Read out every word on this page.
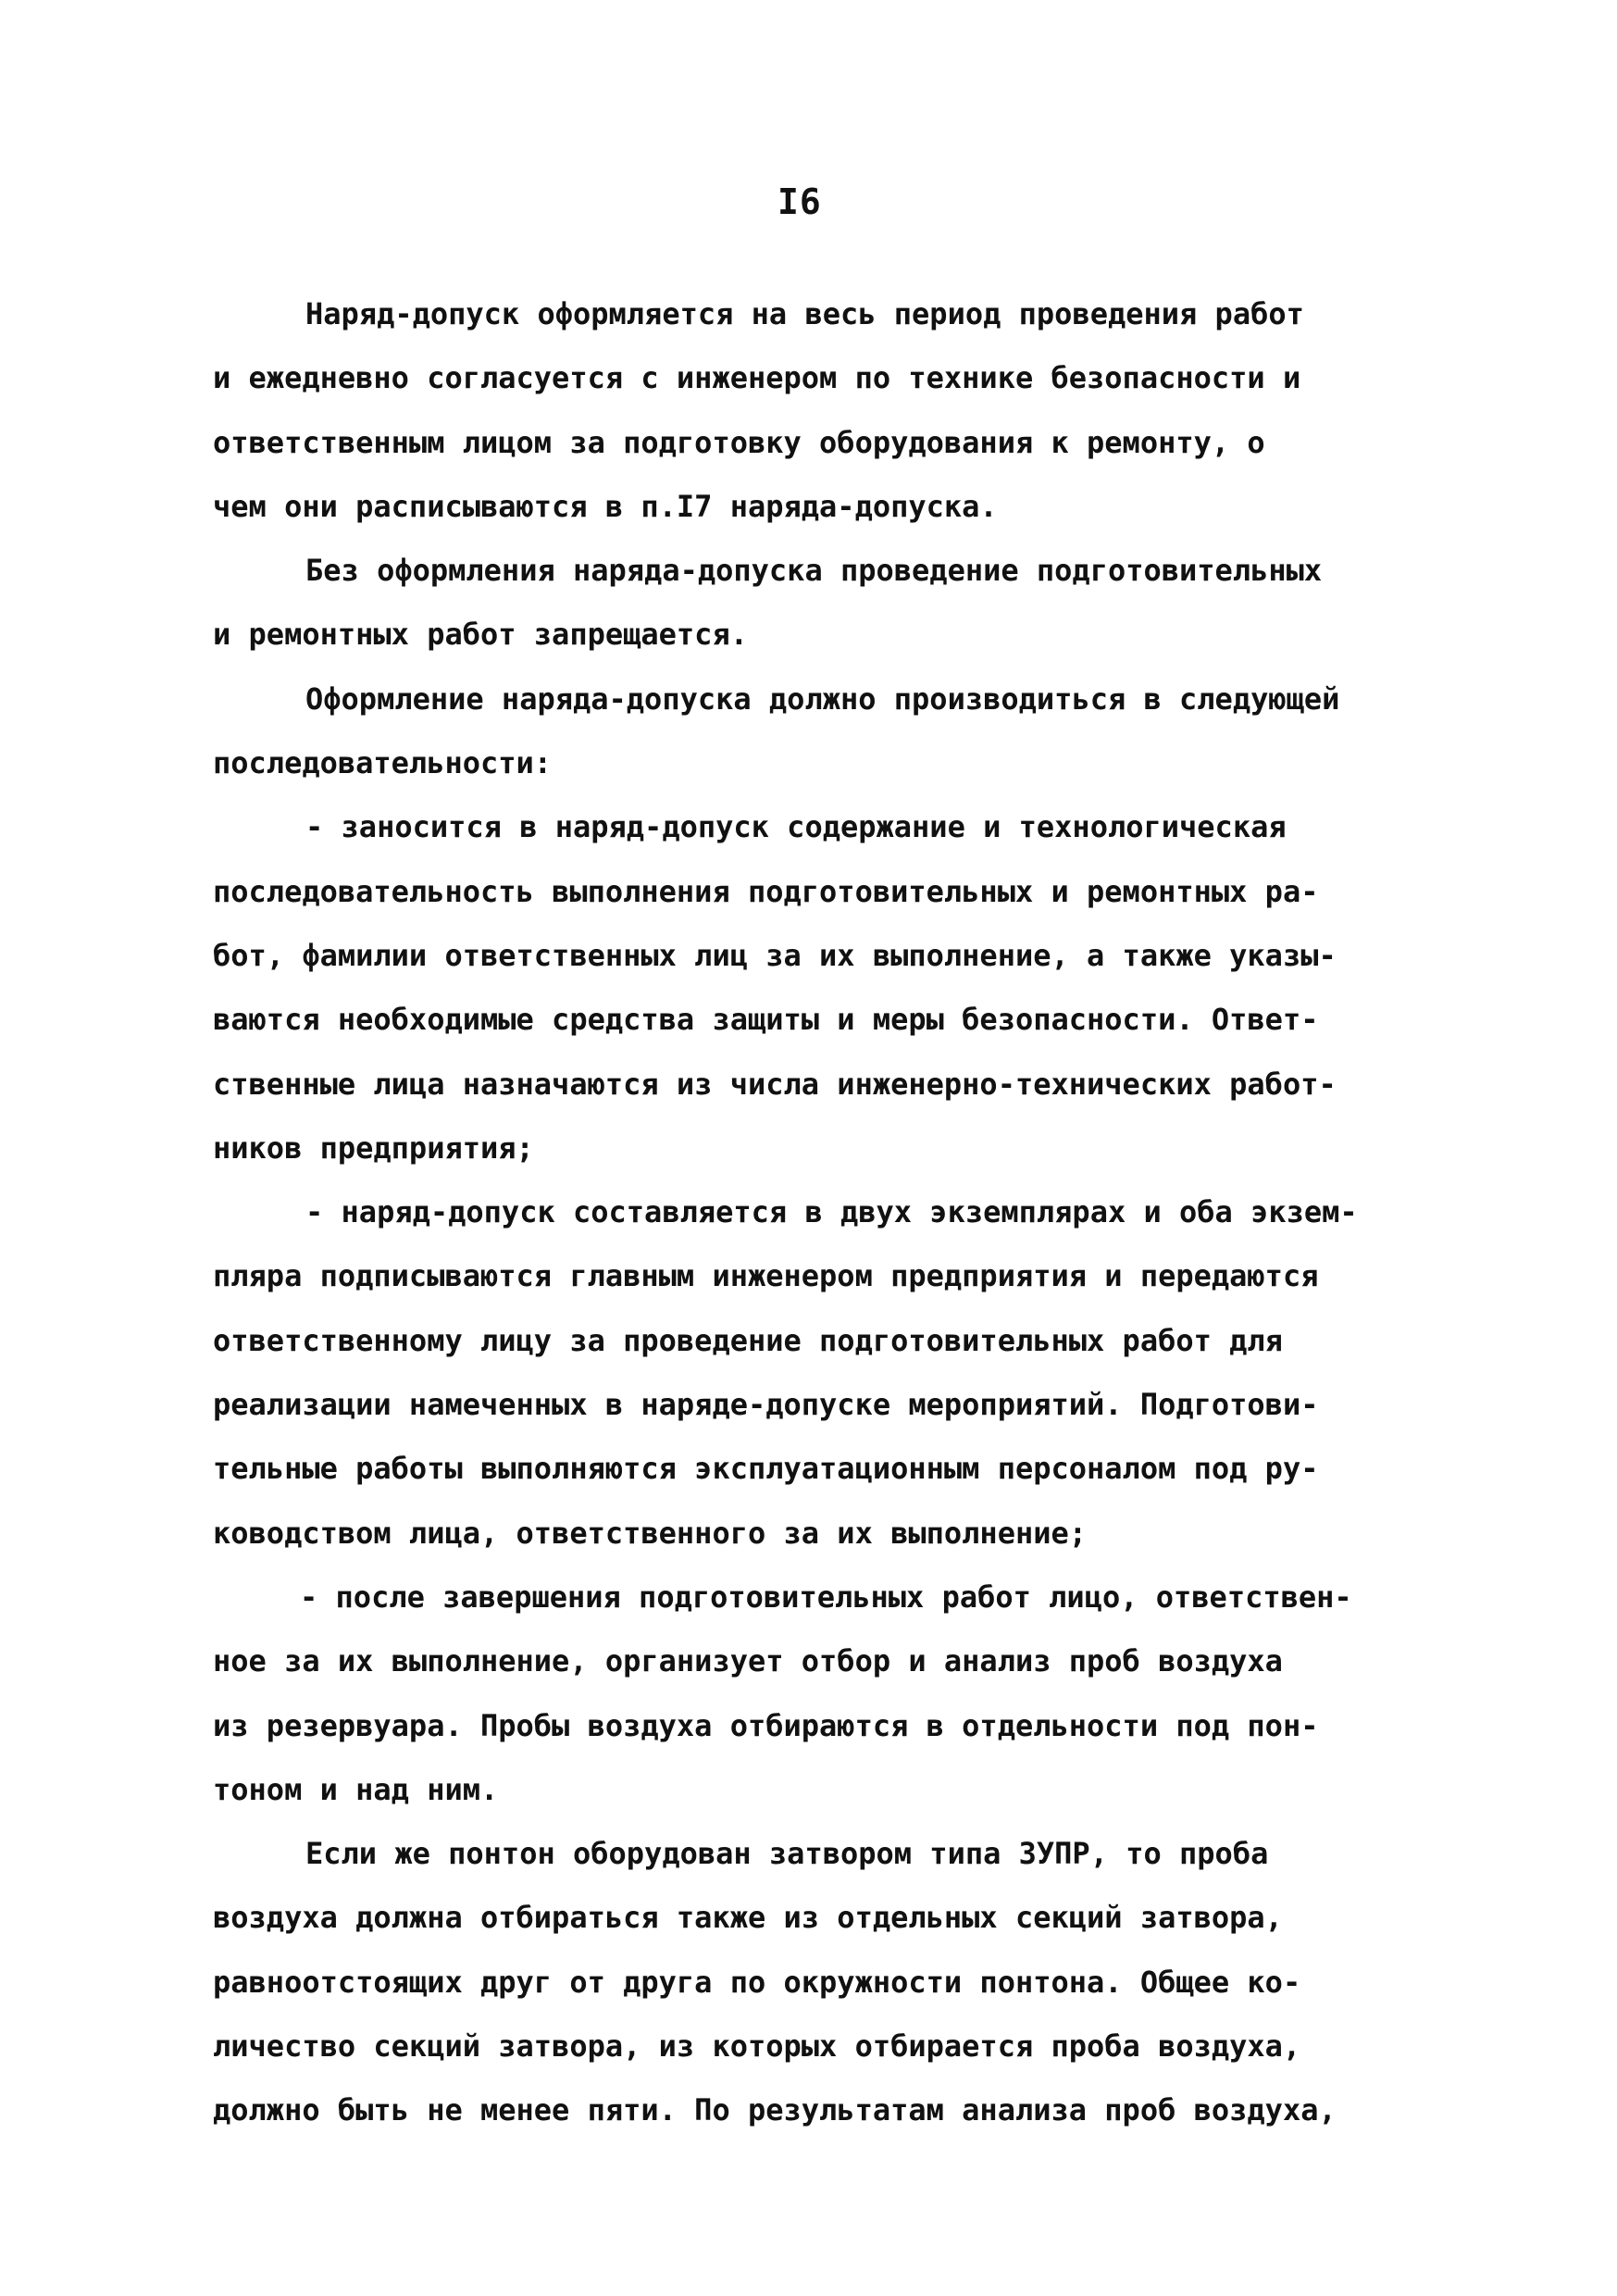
I6
Наряд-допуск оформляется на весь период проведения работ
и ежедневно согласуется с инженером по технике безопасности и
ответственным лицом за подготовку оборудования к ремонту, о
чем они расписываются в п.I7 наряда-допуска.
Без оформления наряда-допуска проведение подготовительных
и ремонтных работ запрещается.
Оформление наряда-допуска должно производиться в следующей
последовательности:
- заносится в наряд-допуск содержание и технологическая
последовательность выполнения подготовительных и ремонтных ра-
бот, фамилии ответственных лиц за их выполнение, а также указы-
ваются необходимые средства защиты и меры безопасности. Ответ-
ственные лица назначаются из числа инженерно-технических работ-
ников предприятия;
- наряд-допуск составляется в двух экземплярах и оба экзем-
пляра подписываются главным инженером предприятия и передаются
ответственному лицу за проведение подготовительных работ для
реализации намеченных в наряде-допуске мероприятий. Подготови-
тельные работы выполняются эксплуатационным персоналом под ру-
ководством лица, ответственного за их выполнение;
- после завершения подготовительных работ лицо, ответствен-
ное за их выполнение, организует отбор и анализ проб воздуха
из резервуара. Пробы воздуха отбираются в отдельности под пон-
тоном и над ним.
Если же понтон оборудован затвором типа ЗУПР, то проба
воздуха должна отбираться также из отдельных секций затвора,
равноотстоящих друг от друга по окружности понтона. Общее ко-
личество секций затвора, из которых отбирается проба воздуха,
должно быть не менее пяти. По результатам анализа проб воздуха,
